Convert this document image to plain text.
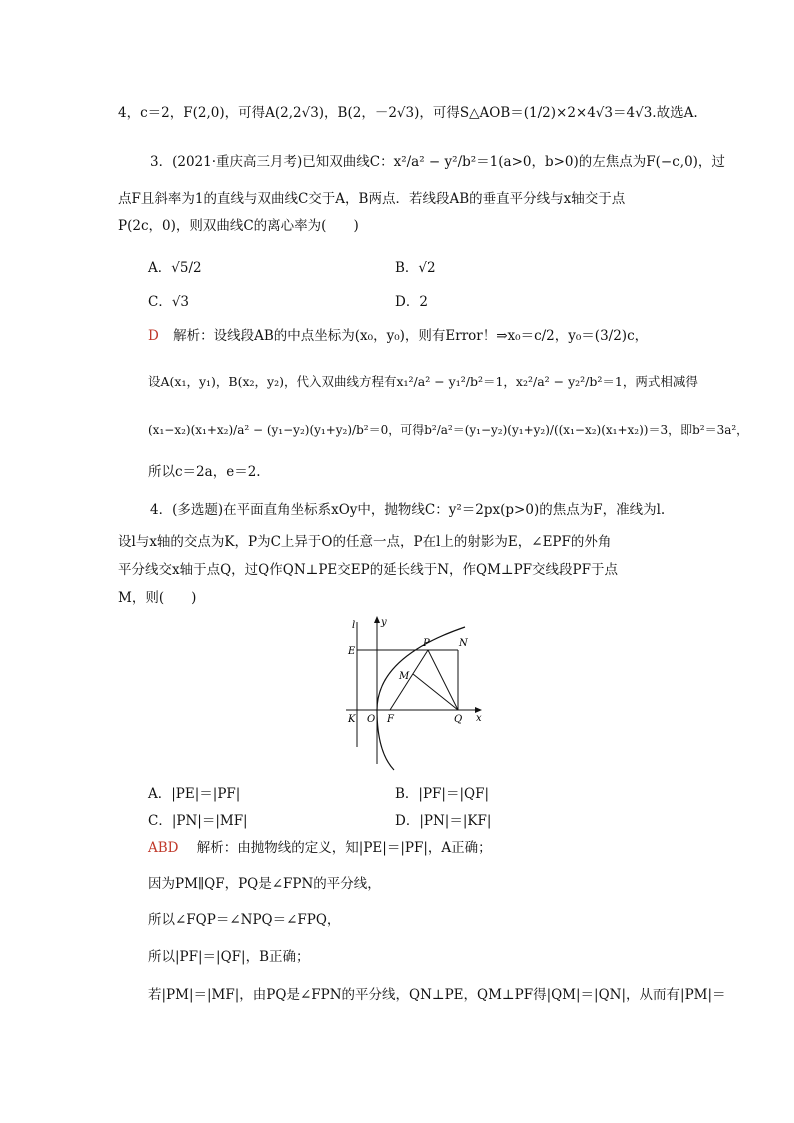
4，c＝2，F(2,0)，可得A(2,2√3)，B(2，－2√3)，可得S△AOB＝(1/2)×2×4√3＝4√3.故选A.
3．(2021·重庆高三月考)已知双曲线C：x²/a² − y²/b²＝1(a>0，b>0)的左焦点为F(−c,0)，过
点F且斜率为1的直线与双曲线C交于A，B两点．若线段AB的垂直平分线与x轴交于点
P(2c，0)，则双曲线C的离心率为(　　)
A．√5/2	B．√2
C．√3	D．2
D 解析：设线段AB的中点坐标为(x₀，y₀)，则有Error！⇒x₀＝c/2，y₀＝(3/2)c，
设A(x₁，y₁)，B(x₂，y₂)，代入双曲线方程有x₁²/a² − y₁²/b²＝1，x₂²/a² − y₂²/b²＝1，两式相减得
(x₁−x₂)(x₁+x₂)/a² − (y₁−y₂)(y₁+y₂)/b²＝0，可得b²/a²＝(y₁−y₂)(y₁+y₂)/((x₁−x₂)(x₁+x₂))＝3，即b²＝3a²，
所以c＝2a，e＝2.
4．(多选题)在平面直角坐标系xOy中，抛物线C：y²＝2px(p>0)的焦点为F，准线为l.
设l与x轴的交点为K，P为C上异于O的任意一点，P在l上的射影为E，∠EPF的外角
平分线交x轴于点Q，过Q作QN⊥PE交EP的延长线于N，作QM⊥PF交线段PF于点
M，则(　　)
l	y
x
E
P	N
M
K O F	Q
A．|PE|＝|PF|	B．|PF|＝|QF|
C．|PN|＝|MF|	D．|PN|＝|KF|
ABD 解析：由抛物线的定义，知|PE|＝|PF|，A正确；
因为PM∥QF，PQ是∠FPN的平分线，
所以∠FQP＝∠NPQ＝∠FPQ，
所以|PF|＝|QF|，B正确；
若|PM|＝|MF|，由PQ是∠FPN的平分线，QN⊥PE，QM⊥PF得|QM|＝|QN|，从而有|PM|＝
